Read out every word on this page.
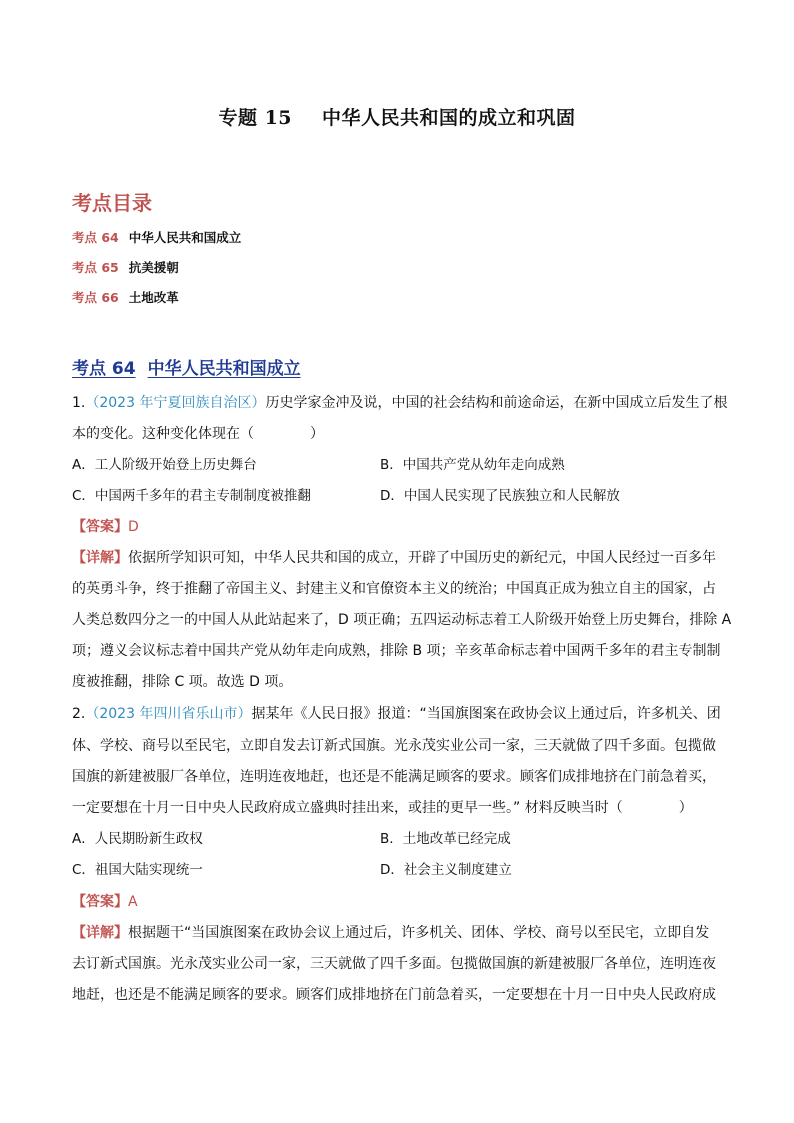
专题 15 中华人民共和国的成立和巩固
考点目录
考点 64 中华人民共和国成立
考点 65 抗美援朝
考点 66 土地改革
考点 64 中华人民共和国成立
1.（2023 年宁夏回族自治区）历史学家金冲及说，中国的社会结构和前途命运，在新中国成立后发生了根
本的变化。这种变化体现在（　　　　）
A．工人阶级开始登上历史舞台	B．中国共产党从幼年走向成熟
C．中国两千多年的君主专制制度被推翻	D．中国人民实现了民族独立和人民解放
【答案】D
【详解】依据所学知识可知，中华人民共和国的成立，开辟了中国历史的新纪元，中国人民经过一百多年
的英勇斗争，终于推翻了帝国主义、封建主义和官僚资本主义的统治；中国真正成为独立自主的国家，占
人类总数四分之一的中国人从此站起来了，D 项正确；五四运动标志着工人阶级开始登上历史舞台，排除 A
项；遵义会议标志着中国共产党从幼年走向成熟，排除 B 项；辛亥革命标志着中国两千多年的君主专制制
度被推翻，排除 C 项。故选 D 项。
2.（2023 年四川省乐山市）据某年《人民日报》报道：“当国旗图案在政协会议上通过后，许多机关、团
体、学校、商号以至民宅，立即自发去订新式国旗。光永茂实业公司一家，三天就做了四千多面。包揽做
国旗的新建被服厂各单位，连明连夜地赶，也还是不能满足顾客的要求。顾客们成排地挤在门前急着买，
一定要想在十月一日中央人民政府成立盛典时挂出来，或挂的更早一些。” 材料反映当时（　　　　）
A．人民期盼新生政权	B．土地改革已经完成
C．祖国大陆实现统一	D．社会主义制度建立
【答案】A
【详解】根据题干“当国旗图案在政协会议上通过后，许多机关、团体、学校、商号以至民宅，立即自发
去订新式国旗。光永茂实业公司一家，三天就做了四千多面。包揽做国旗的新建被服厂各单位，连明连夜
地赶，也还是不能满足顾客的要求。顾客们成排地挤在门前急着买，一定要想在十月一日中央人民政府成
